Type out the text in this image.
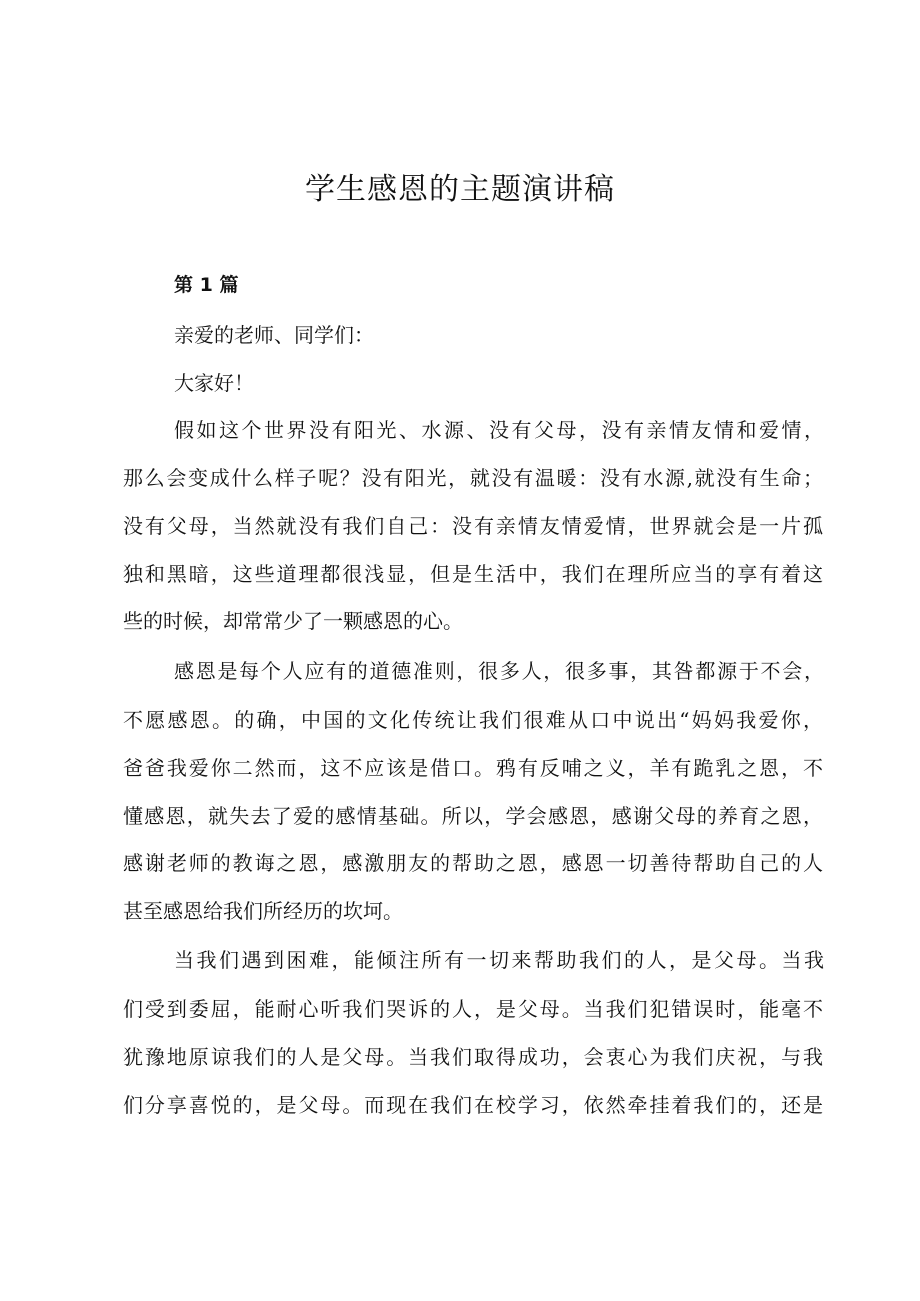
学生感恩的主题演讲稿

第 1 篇

亲爱的老师、同学们：

大家好！

假如这个世界没有阳光、水源、没有父母，没有亲情友情和爱情，

那么会变成什么样子呢？没有阳光，就没有温暖：没有水源,就没有生命；

没有父母，当然就没有我们自己：没有亲情友情爱情，世界就会是一片孤

独和黑暗，这些道理都很浅显，但是生活中，我们在理所应当的享有着这

些的时候，却常常少了一颗感恩的心。

感恩是每个人应有的道德准则，很多人，很多事，其咎都源于不会，

不愿感恩。的确，中国的文化传统让我们很难从口中说出“妈妈我爱你，

爸爸我爱你二然而，这不应该是借口。鸦有反哺之义，羊有跪乳之恩，不

懂感恩，就失去了爱的感情基础。所以，学会感恩，感谢父母的养育之恩，

感谢老师的教诲之恩，感激朋友的帮助之恩，感恩一切善待帮助自己的人

甚至感恩给我们所经历的坎坷。

当我们遇到困难，能倾注所有一切来帮助我们的人，是父母。当我

们受到委屈，能耐心听我们哭诉的人，是父母。当我们犯错误时，能毫不

犹豫地原谅我们的人是父母。当我们取得成功，会衷心为我们庆祝，与我

们分享喜悦的，是父母。而现在我们在校学习，依然牵挂着我们的，还是
